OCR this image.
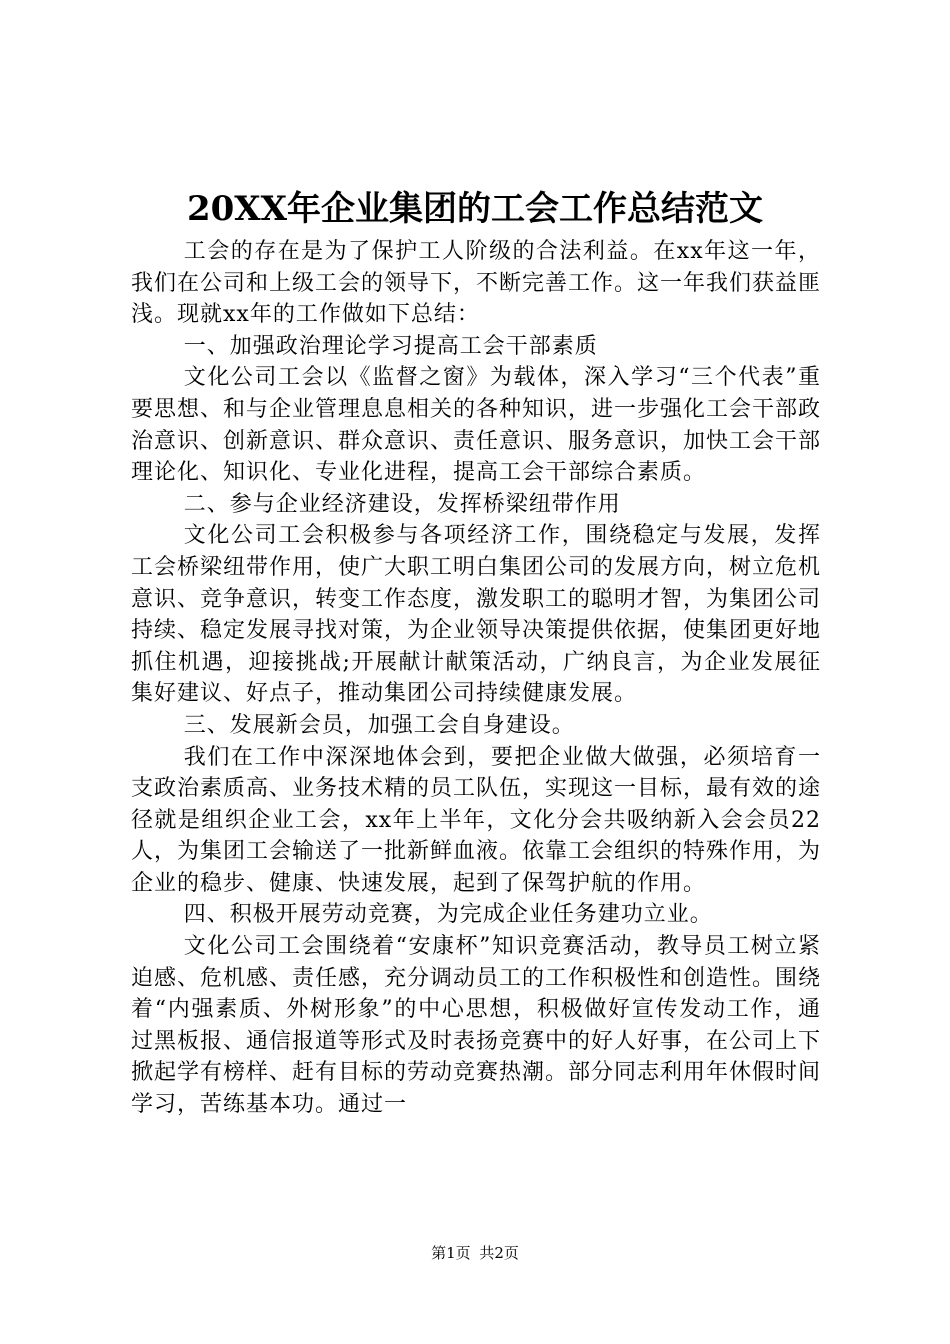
20XX年企业集团的工会工作总结范文

工会的存在是为了保护工人阶级的合法利益。在xx年这一年，我们在公司和上级工会的领导下，不断完善工作。这一年我们获益匪浅。现就xx年的工作做如下总结：

一、加强政治理论学习提高工会干部素质

文化公司工会以《监督之窗》为载体，深入学习“三个代表”重要思想、和与企业管理息息相关的各种知识，进一步强化工会干部政治意识、创新意识、群众意识、责任意识、服务意识，加快工会干部理论化、知识化、专业化进程，提高工会干部综合素质。

二、参与企业经济建设，发挥桥梁纽带作用

文化公司工会积极参与各项经济工作，围绕稳定与发展，发挥工会桥梁纽带作用，使广大职工明白集团公司的发展方向，树立危机意识、竞争意识，转变工作态度，激发职工的聪明才智，为集团公司持续、稳定发展寻找对策，为企业领导决策提供依据，使集团更好地抓住机遇，迎接挑战;开展献计献策活动，广纳良言，为企业发展征集好建议、好点子，推动集团公司持续健康发展。

三、发展新会员，加强工会自身建设。

我们在工作中深深地体会到，要把企业做大做强，必须培育一支政治素质高、业务技术精的员工队伍，实现这一目标，最有效的途径就是组织企业工会，xx年上半年，文化分会共吸纳新入会会员22人，为集团工会输送了一批新鲜血液。依靠工会组织的特殊作用，为企业的稳步、健康、快速发展，起到了保驾护航的作用。

四、积极开展劳动竞赛，为完成企业任务建功立业。

文化公司工会围绕着“安康杯”知识竞赛活动，教导员工树立紧迫感、危机感、责任感，充分调动员工的工作积极性和创造性。围绕着“内强素质、外树形象”的中心思想，积极做好宣传发动工作，通过黑板报、通信报道等形式及时表扬竞赛中的好人好事，在公司上下掀起学有榜样、赶有目标的劳动竞赛热潮。部分同志利用年休假时间学习，苦练基本功。通过一

第1页 共2页
